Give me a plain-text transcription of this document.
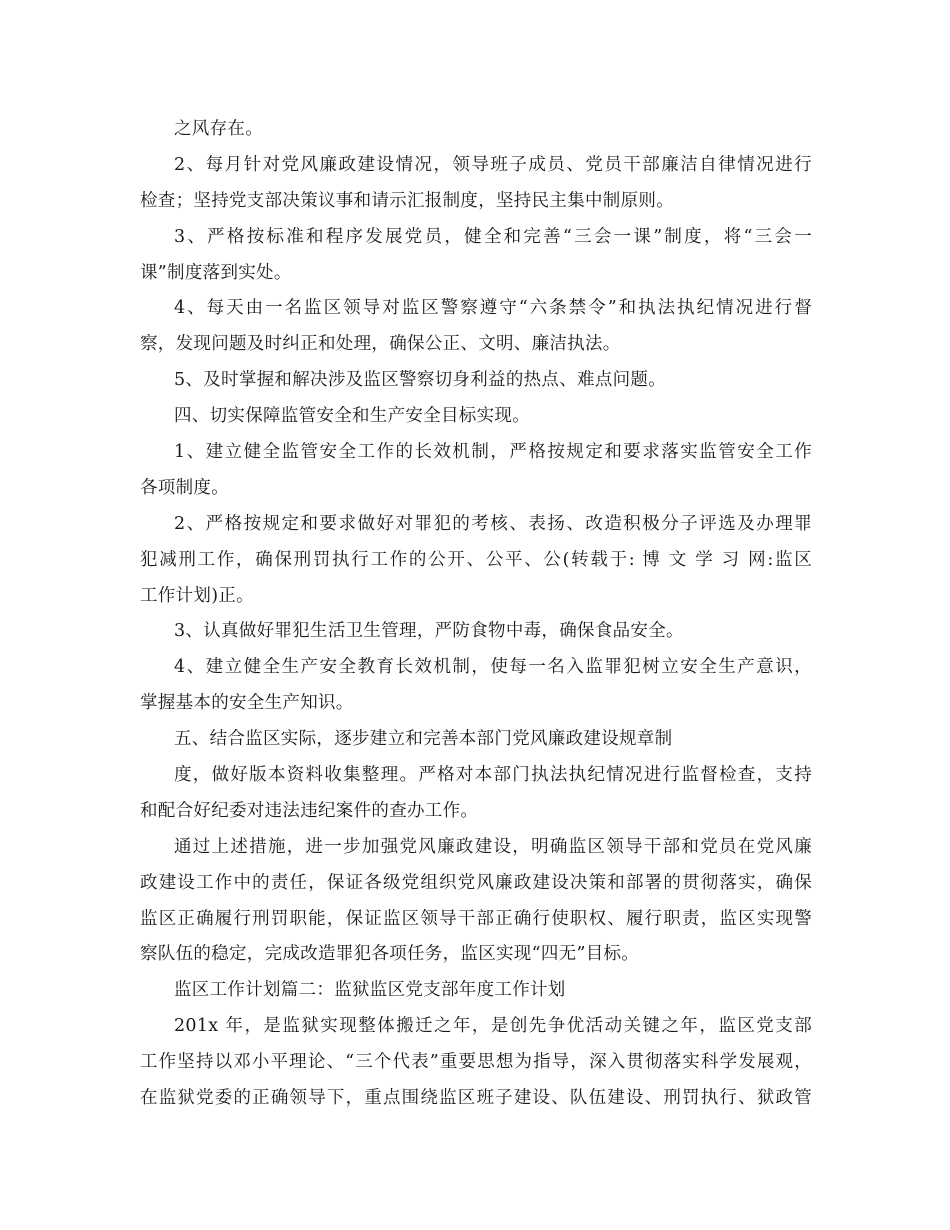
之风存在。
2、每月针对党风廉政建设情况，领导班子成员、党员干部廉洁自律情况进行
检查；坚持党支部决策议事和请示汇报制度，坚持民主集中制原则。
3、严格按标准和程序发展党员，健全和完善“三会一课”制度，将“三会一
课”制度落到实处。
4、每天由一名监区领导对监区警察遵守“六条禁令”和执法执纪情况进行督
察，发现问题及时纠正和处理，确保公正、文明、廉洁执法。
5、及时掌握和解决涉及监区警察切身利益的热点、难点问题。
四、切实保障监管安全和生产安全目标实现。
1、建立健全监管安全工作的长效机制，严格按规定和要求落实监管安全工作
各项制度。
2、严格按规定和要求做好对罪犯的考核、表扬、改造积极分子评选及办理罪
犯减刑工作，确保刑罚执行工作的公开、公平、公(转载于: 博 文 学 习 网:监区
工作计划)正。
3、认真做好罪犯生活卫生管理，严防食物中毒，确保食品安全。
4、建立健全生产安全教育长效机制，使每一名入监罪犯树立安全生产意识，
掌握基本的安全生产知识。
五、结合监区实际，逐步建立和完善本部门党风廉政建设规章制
度，做好版本资料收集整理。严格对本部门执法执纪情况进行监督检查，支持
和配合好纪委对违法违纪案件的查办工作。
通过上述措施，进一步加强党风廉政建设，明确监区领导干部和党员在党风廉
政建设工作中的责任，保证各级党组织党风廉政建设决策和部署的贯彻落实，确保
监区正确履行刑罚职能，保证监区领导干部正确行使职权、履行职责，监区实现警
察队伍的稳定，完成改造罪犯各项任务，监区实现“四无”目标。
监区工作计划篇二：监狱监区党支部年度工作计划
201x 年，是监狱实现整体搬迁之年，是创先争优活动关键之年，监区党支部
工作坚持以邓小平理论、“三个代表”重要思想为指导，深入贯彻落实科学发展观，
在监狱党委的正确领导下，重点围绕监区班子建设、队伍建设、刑罚执行、狱政管
